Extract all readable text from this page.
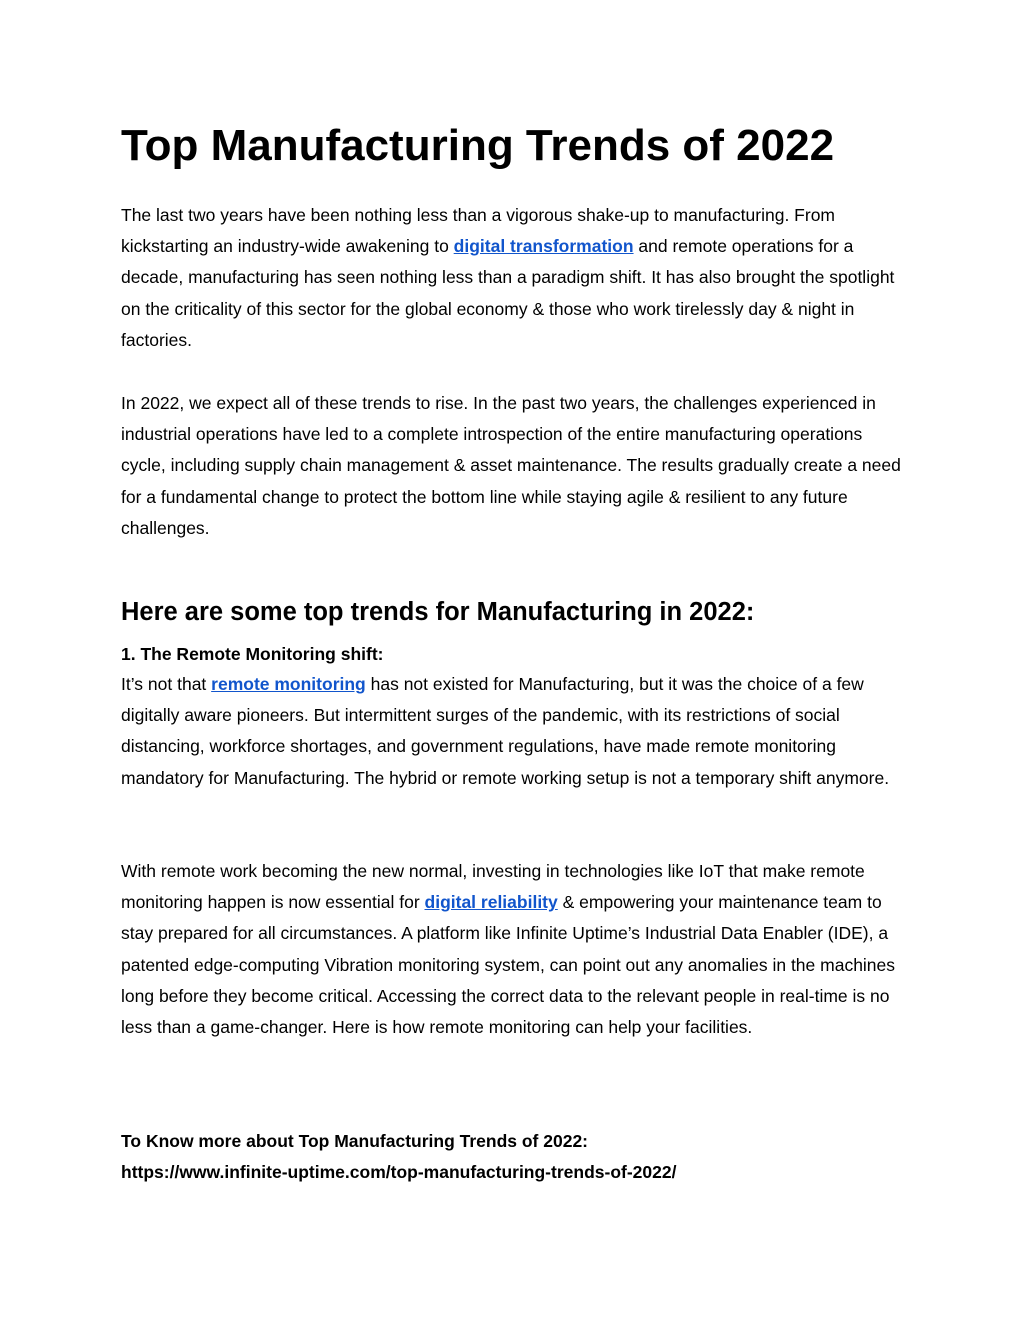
Top Manufacturing Trends of 2022

The last two years have been nothing less than a vigorous shake-up to manufacturing. From kickstarting an industry-wide awakening to digital transformation and remote operations for a decade, manufacturing has seen nothing less than a paradigm shift. It has also brought the spotlight on the criticality of this sector for the global economy & those who work tirelessly day & night in factories.

In 2022, we expect all of these trends to rise. In the past two years, the challenges experienced in industrial operations have led to a complete introspection of the entire manufacturing operations cycle, including supply chain management & asset maintenance. The results gradually create a need for a fundamental change to protect the bottom line while staying agile & resilient to any future challenges.

Here are some top trends for Manufacturing in 2022:

1. The Remote Monitoring shift:

It’s not that remote monitoring has not existed for Manufacturing, but it was the choice of a few digitally aware pioneers. But intermittent surges of the pandemic, with its restrictions of social distancing, workforce shortages, and government regulations, have made remote monitoring mandatory for Manufacturing. The hybrid or remote working setup is not a temporary shift anymore.

With remote work becoming the new normal, investing in technologies like IoT that make remote monitoring happen is now essential for digital reliability & empowering your maintenance team to stay prepared for all circumstances. A platform like Infinite Uptime’s Industrial Data Enabler (IDE), a patented edge-computing Vibration monitoring system, can point out any anomalies in the machines long before they become critical. Accessing the correct data to the relevant people in real-time is no less than a game-changer. Here is how remote monitoring can help your facilities.

To Know more about Top Manufacturing Trends of 2022:
https://www.infinite-uptime.com/top-manufacturing-trends-of-2022/
